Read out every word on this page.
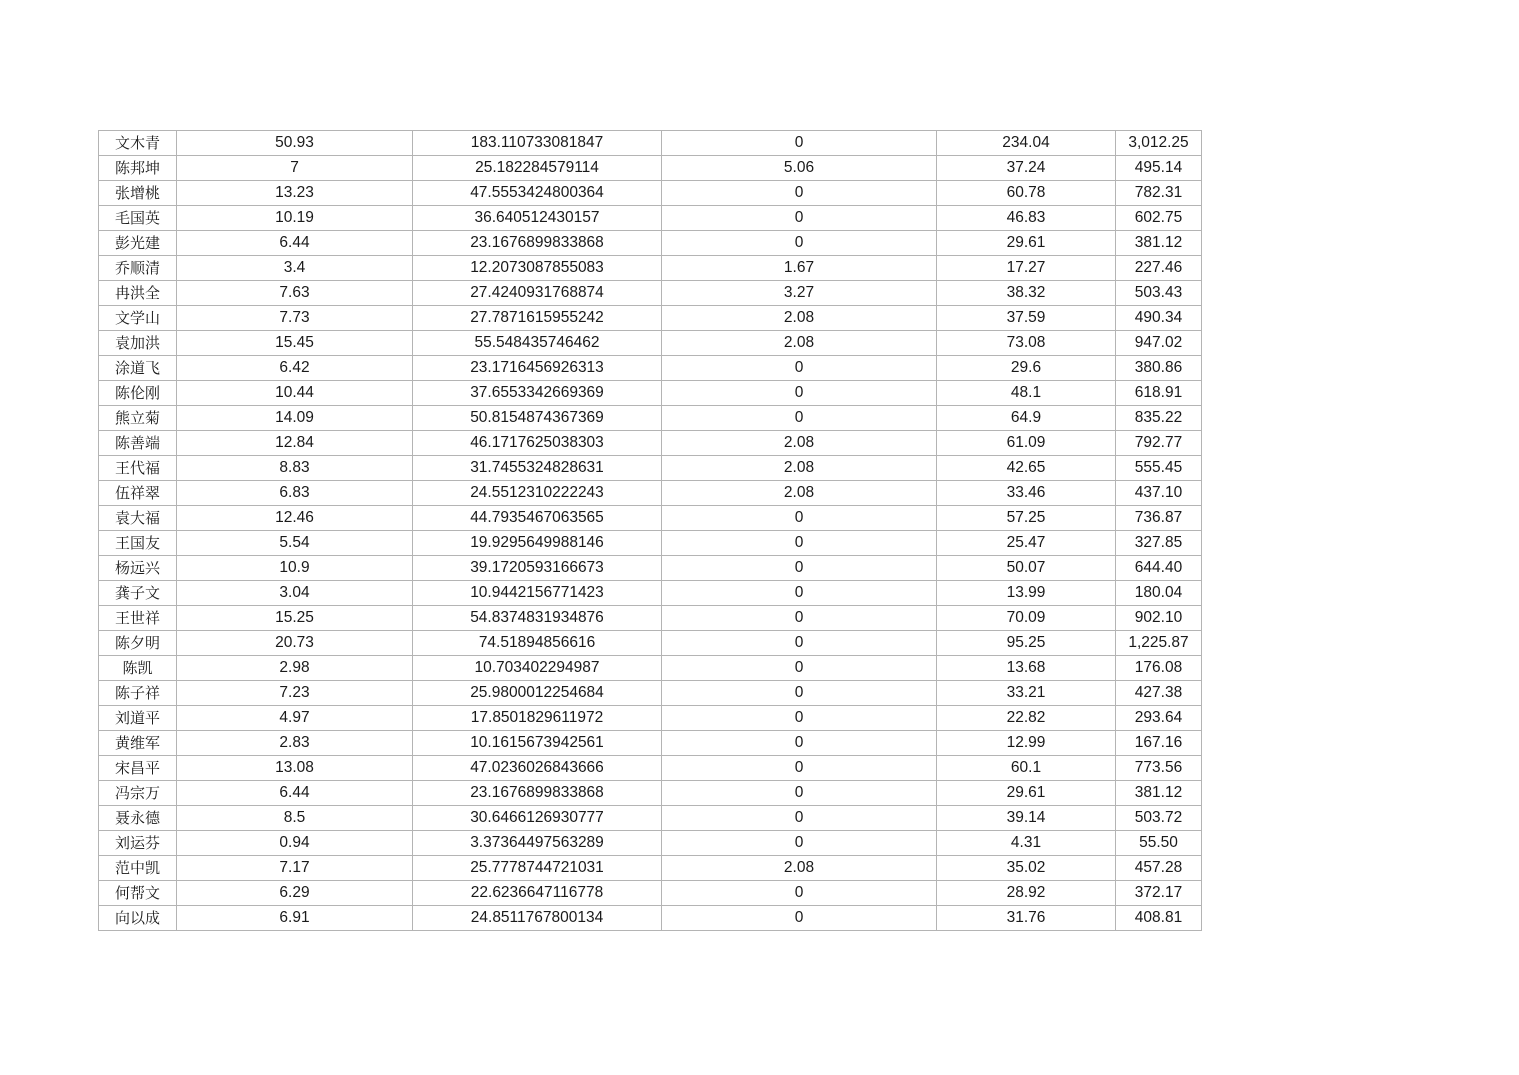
文木青	50.93	183.110733081847	0	234.04	3,012.25
陈邦坤	7	25.182284579114	5.06	37.24	495.14
张增桃	13.23	47.5553424800364	0	60.78	782.31
毛国英	10.19	36.640512430157	0	46.83	602.75
彭光建	6.44	23.1676899833868	0	29.61	381.12
乔顺清	3.4	12.2073087855083	1.67	17.27	227.46
冉洪全	7.63	27.4240931768874	3.27	38.32	503.43
文学山	7.73	27.7871615955242	2.08	37.59	490.34
袁加洪	15.45	55.548435746462	2.08	73.08	947.02
涂道飞	6.42	23.1716456926313	0	29.6	380.86
陈伦刚	10.44	37.6553342669369	0	48.1	618.91
熊立菊	14.09	50.8154874367369	0	64.9	835.22
陈善端	12.84	46.1717625038303	2.08	61.09	792.77
王代福	8.83	31.7455324828631	2.08	42.65	555.45
伍祥翠	6.83	24.5512310222243	2.08	33.46	437.10
袁大福	12.46	44.7935467063565	0	57.25	736.87
王国友	5.54	19.9295649988146	0	25.47	327.85
杨远兴	10.9	39.1720593166673	0	50.07	644.40
龚子文	3.04	10.9442156771423	0	13.99	180.04
王世祥	15.25	54.8374831934876	0	70.09	902.10
陈夕明	20.73	74.51894856616	0	95.25	1,225.87
陈凯	2.98	10.703402294987	0	13.68	176.08
陈子祥	7.23	25.9800012254684	0	33.21	427.38
刘道平	4.97	17.8501829611972	0	22.82	293.64
黄维军	2.83	10.1615673942561	0	12.99	167.16
宋昌平	13.08	47.0236026843666	0	60.1	773.56
冯宗万	6.44	23.1676899833868	0	29.61	381.12
聂永德	8.5	30.6466126930777	0	39.14	503.72
刘运芬	0.94	3.37364497563289	0	4.31	55.50
范中凯	7.17	25.7778744721031	2.08	35.02	457.28
何帮文	6.29	22.6236647116778	0	28.92	372.17
向以成	6.91	24.8511767800134	0	31.76	408.81
